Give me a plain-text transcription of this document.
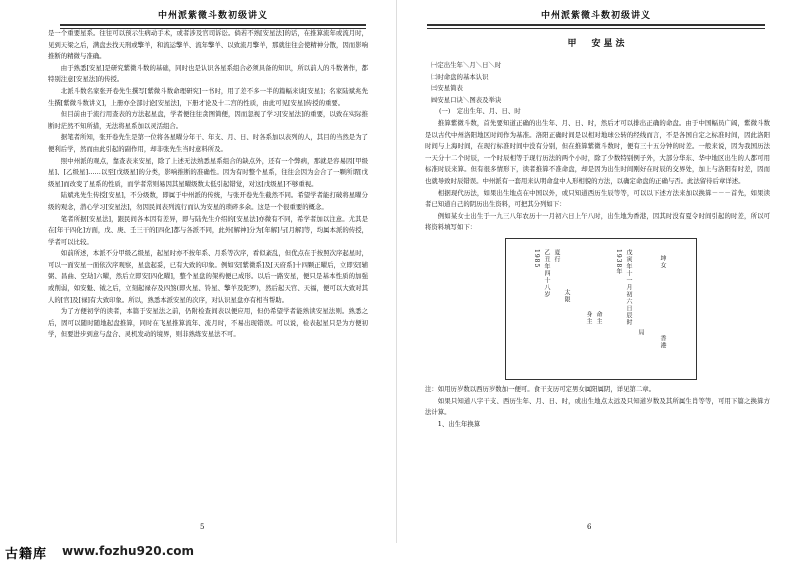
中州派紫微斗数初级讲义

是一个重要星系。往往可以预示生病动手术，或者涉及官司诉讼。倘若不熟[安星法]的话，在推算流年或流月时，见到天梁之后，满盘去找天刑或擎羊，和流运擎羊、流年擎羊、以致流月擎羊，那就往往会使精神分散，因而影响推断的精微与准确。

由于熟悉[安星]是研究紫微斗数的基础，同时也是认识各星系组合必须具备的知识，所以前人的斗数著作，都特别注意[安星法]的传授。

北派斗数名家张开卷先生撰写[紫微斗数命理研究]一书时，用了差不多一半的篇幅来谈[安星]；名家陆斌兆先生撰[紫微斗数讲义]，上册亦全部讨论[安星法]，下册才论及十二宫的性质，由此可见[安星]传授的重要。

但目前由于流行用查表的方法起星盘，学者便往往贪图简便，因而忽视了学习[安星法]的重要，以致在实际推断时茫然不知所措，无法将星系加以灵活组合。

据笔者所知，张开卷先生是第一位将各星曜分年干、年支、月、日、时各系加以表列的人，其目的当然是为了便利后学，然而由此引起的副作用，却非张先生当时意料所及。

照中州派的观点，靠查表来安星，除了上述无法熟悉星系组合的缺点外，还有一个弊病，那就是容易因[甲级星]、[乙级星]……以至[戊级星]的分类，影响推断的准确性。因为有时整个星系，往往会因为会合了一颗所谓[戊级星]而改变了星系的性质，而学者常则易因其星曜级数太低引起错觉，对这[戊级星]不够重视。

陆斌兆先生传授[安星]，不分级数，即属于中州派的传统，与张开卷先生截然不同。希望学者能打破将星曜分级的观念，潜心学习[安星法]，勿因民间表列流行而认为安星的琐碎多余。这是一个很重要的概念。

笔者所据[安星法]，跟民间各本因有差异，即与陆先生介绍的[安星法]亦微有不同，希学者加以注意。尤其是在[年干四化]方面，戊、庚、壬三干的[四化]都与各派不同，此外[解神]分为[年解]与[月解]等，均属本派的传授，学者可以比较。

如前所述，本派不分甲级乙级星，起星时亦不按年系、月系等次序，看似紊乱，但优点在于按照次序起星时，可以一面安星一面依次序观察，星盘起妥，已有大致的印象。例如安[紫微系]及[天府系]十四颗正曜后，立即安[辅弼、昌曲、空劫]六曜，然后立即安[四化曜]，整个星盘的架构便已成形。以后一路安星，便只是基本性质的加强或削弱，如安魁、钺之后，立刻起禄存及四煞(即火星、铃星、擎羊及陀罗)，然后起天官、天福，便可以大致对其人的[官]及[禄]有大致印象。所以，熟悉本派安星的次序，对认识星盘亦有相当帮助。

为了方便初学的读者，本篇于安星法之前，仍附检查间表以便应用，但仍希望学者能熟读安星法则。熟悉之后，固可以随时随地起盘推算，同时在飞星推算流年、流月时，不易出现错误。可以说，检表起星只是为方便初学，但要进步到意与盘合、灵机发动的境界，则非熟练安星法不可。

5
中州派紫微斗数初级讲义

甲　安星法

㈠定出生年＼月＼日＼时

㈡时命盘的基本认识

㈢安星简表

㈣安星口诀＼图表及举诀

(一)　定出生年、月、日、时

推算紫微斗数，首先要知道正确的出生年、月、日、时，然后才可以排出正确的命盘。由于中国幅员广阔，紫微斗数是以古代中州洛阳地区时间作为基准。洛阳正确时间是以相对地球公转的经线而言，不是各国自定之标准时间，因此洛阳时间与上海时间，在现行标准时间中没有分别，但在推算紫微斗数时，便有三十五分钟的时差。一般来说，因为我国历法一天分十二个时辰，一个时辰相等于现行历法的两个小时，除了少数特别例子外，大部分华东、华中地区出生的人都可用标准时辰来算。但有很多情形下，读者推算不准命盘，却是因为出生时间刚好在时辰的交界处，加上与洛阳有时差，因而也就导致时辰错误。中州派有一套用来认明命盘中人形相貌的方法，以确定命盘的正确与否。此法留待后章详述。

相据现代历法，如果出生地点在中国以外，或只知道西历生辰等等，可以以下述方法来加以换算－－－首先，如果读者已知道自己的阴历出生资料，可把其分列如下：

例如某女士出生于一九三八年农历十一月初六日上午八时，出生地为香港，因其时没有夏令时间引起的时差，所以可将资料填写如下：

1985 乙丑年四十八岁 夏行
太限
身主 命主
1938年 戊寅年十一月初六日辰时
局
坤女
香港

注：如用历岁数以西历岁数加一便可。食干支历可定男女属阳属阴，详见第二章。

如果只知道八字干支、西历生年、月、日、时，或出生地点太远及只知道岁数及其所属生肖等等，可用下篇之换算方法计算。

1、出生年换算

6
古籍库 www.fozhu920.com
